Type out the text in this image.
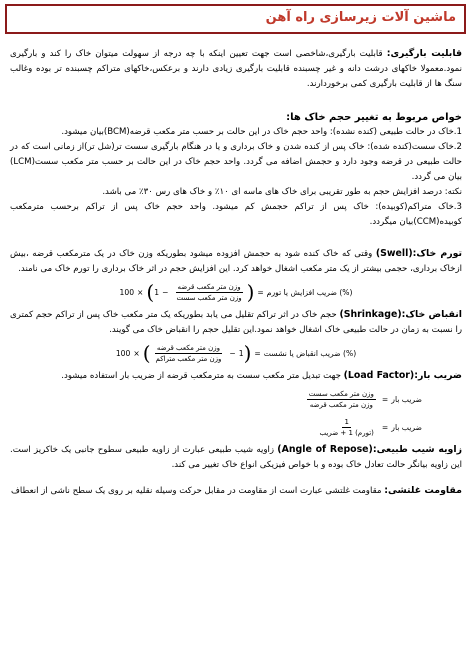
ماشین آلات زیرسازی راه آهن

قابلیت بارگیری: قابلیت بارگیری،شاخصی است جهت تعیین اینکه با چه درجه از سهولت میتوان خاک را کند و بارگیری نمود.معمولا خاکهای درشت دانه و غیر چسبنده قابلیت بارگیری زیادی دارند و برعکس،خاکهای متراکم چسبنده تر بوده وغالب سنگ ها از قابلیت بارگیری کمی برخوردارند.

خواص مربوط به تغییر حجم خاک ها:

1.خاک در حالت طبیعی (کنده نشده): واحد حجم خاک در این حالت بر حسب متر مکعب قرضه(BCM)بیان میشود.

2.خاک سست(کنده شده): خاک پس از کنده شدن و خاک برداری و یا در هنگام بارگیری سست تر(شل تر)از زمانی است که در حالت طبیعی در قرضه وجود دارد و حجمش اضافه می گردد. واحد حجم خاک در این حالت بر حسب متر مکعب سست(LCM) بیان می گردد.

نکته: درصد افزایش حجم به طور تقریبی برای خاک های ماسه ای ۱۰٪ و خاک های رس ۳۰٪ می باشد.

3.خاک متراکم(کوبیده): خاک پس از تراکم حجمش کم میشود. واحد حجم خاک پس از تراکم برحسب مترمکعب کوبیده(CCM)بیان میگردد.

تورم خاک:(Swell) وقتی که خاک کنده شود به حجمش افزوده میشود بطوریکه وزن خاک در یک مترمکعب قرضه ،بیش ازخاک برداری، حجمی بیشتر از یک متر مکعب اشغال خواهد کرد. این افزایش حجم در اثر خاک برداری را تورم خاک می نامند.

(%) ضریب افزایش یا تورم
=
(
$\frac{\text{وزن متر مکعب قرضه}}{\text{وزن متر مکعب سست}}$
−
1
)
×
100

انقباض خاک:(Shrinkage) حجم خاک در اثر تراکم تقلیل می یابد بطوریکه یک متر مکعب خاک پس از تراکم حجم کمتری را نسبت به زمان در حالت طبیعی خاک اشغال خواهد نمود.این تقلیل حجم را انقباض خاک می گویند.

(%) ضریب انقباض یا نشست
=
(
1
−
$\frac{\text{وزن متر مکعب قرضه}}{\text{وزن متر مکعب متراکم}}$
)
×
100

ضریب بار:(Load Factor) جهت تبدیل متر مکعب سست به مترمکعب قرضه از ضریب بار استفاده میشود.

ضریب بار
=
$\frac{\text{وزن متر مکعب سست}}{\text{وزن متر مکعب قرضه}}$
ضریب بار
=
$\frac{1}{\text{(تورم) 1 + ضریب}}$

زاویه شیب طبیعی:(Angle of Repose) زاویه شیب طبیعی عبارت از زاویه طبیعی سطوح جانبی یک خاکریز است. این زاویه بیانگر حالت تعادل خاک بوده و با خواص فیزیکی انواع خاک تغییر می کند.

مقاومت غلتشی: مقاومت غلتشی عبارت است از مقاومت در مقابل حرکت وسیله نقلیه بر روی یک سطح ناشی از انعطاف
